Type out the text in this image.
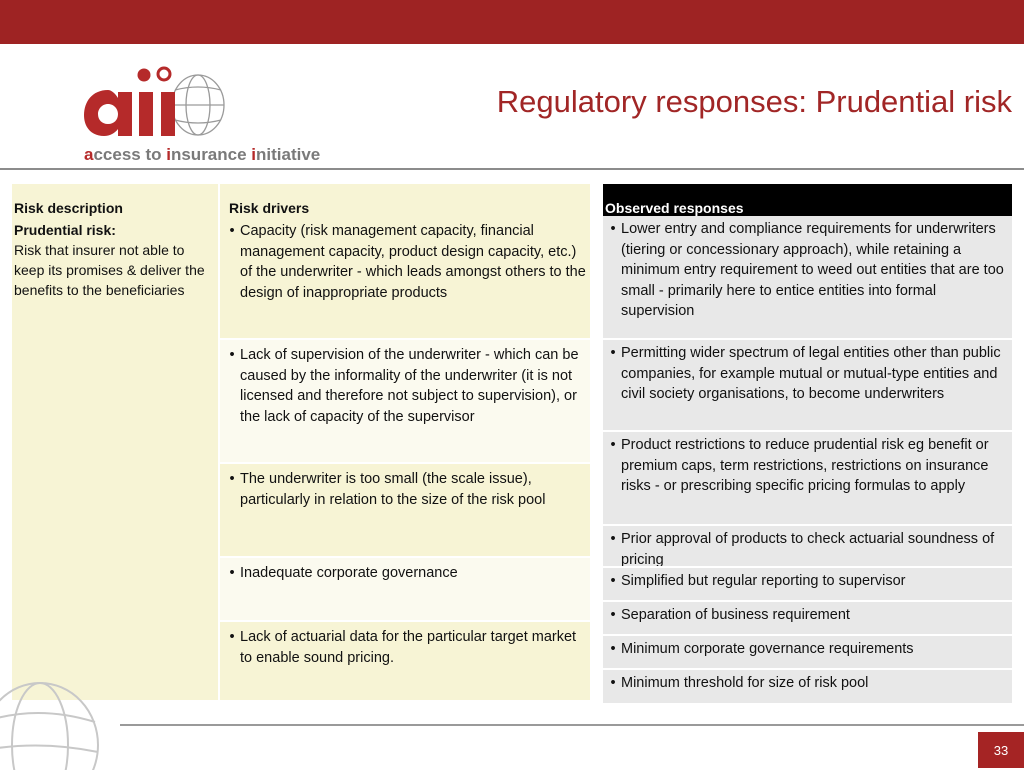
access to insurance initiative
Regulatory responses: Prudential risk
Risk description	Risk drivers
Prudential risk:
Risk that insurer not able to keep its promises & deliver the benefits to the beneficiaries
• Capacity (risk management capacity, financial management capacity, product design capacity, etc.) of the underwriter - which leads amongst others to the design of inappropriate products
• Lack of supervision of the underwriter - which can be caused by the informality of the underwriter (it is not licensed and therefore not subject to supervision), or the lack of capacity of the supervisor
• The underwriter is too small (the scale issue), particularly in relation to the size of the risk pool
• Inadequate corporate governance
• Lack of actuarial data for the particular target market to enable sound pricing.
Observed responses
• Lower entry and compliance requirements for underwriters (tiering or concessionary approach), while retaining a minimum entry requirement to weed out entities that are too small - primarily here to entice entities into formal supervision
• Permitting wider spectrum of legal entities other than public companies, for example mutual or mutual-type entities and civil society organisations, to become underwriters
• Product restrictions to reduce prudential risk eg benefit or premium caps, term restrictions, restrictions on insurance risks - or prescribing specific pricing formulas to apply
• Prior approval of products to check actuarial soundness of pricing
• Simplified but regular reporting to supervisor
• Separation of business requirement
• Minimum corporate governance requirements
• Minimum threshold for size of risk pool
33
